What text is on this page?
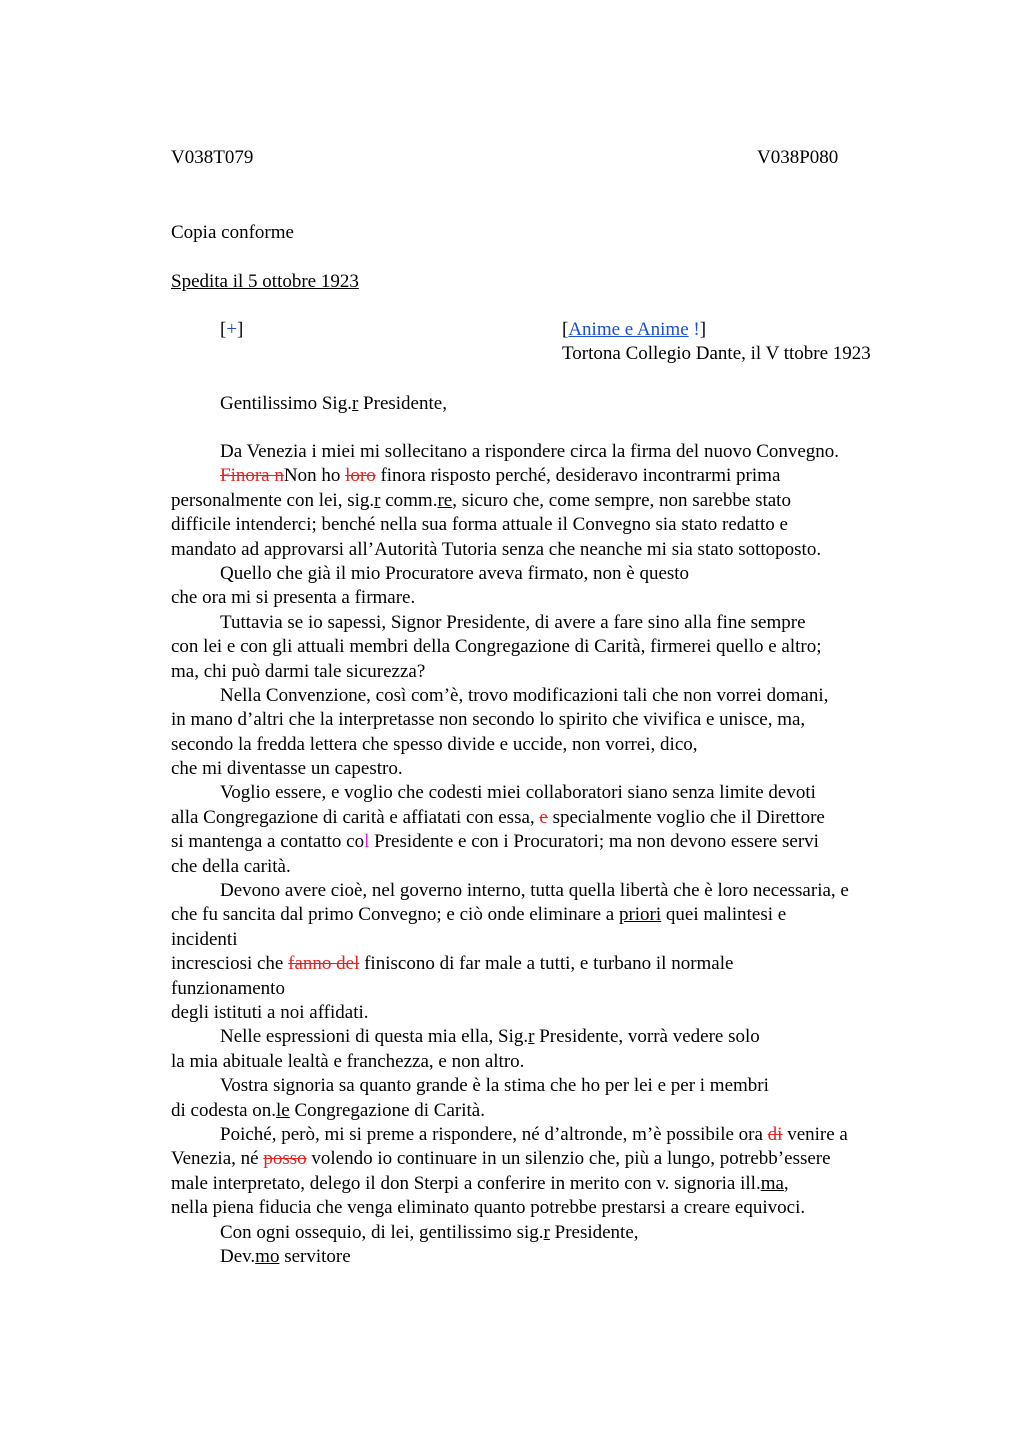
V038T079	V038P080
Copia conforme
Spedita il 5 ottobre 1923
[+]	[Anime e Anime !]
Tortona Collegio Dante, il V ttobre 1923
Gentilissimo Sig.r Presidente,
Da Venezia i miei mi sollecitano a rispondere circa la firma del nuovo Convegno.
Finora nNon ho loro finora risposto perché, desideravo incontrarmi prima
personalmente con lei, sig.r comm.re, sicuro che, come sempre, non sarebbe stato
difficile intenderci; benché nella sua forma attuale il Convegno sia stato redatto e
mandato ad approvarsi all’Autorità Tutoria senza che neanche mi sia stato sottoposto.
Quello che già il mio Procuratore aveva firmato, non è questo
che ora mi si presenta a firmare.
Tuttavia se io sapessi, Signor Presidente, di avere a fare sino alla fine sempre
con lei e con gli attuali membri della Congregazione di Carità, firmerei quello e altro;
ma, chi può darmi tale sicurezza?
Nella Convenzione, così com’è, trovo modificazioni tali che non vorrei domani,
in mano d’altri che la interpretasse non secondo lo spirito che vivifica e unisce, ma,
secondo la fredda lettera che spesso divide e uccide, non vorrei, dico,
che mi diventasse un capestro.
Voglio essere, e voglio che codesti miei collaboratori siano senza limite devoti
alla Congregazione di carità e affiatati con essa, e specialmente voglio che il Direttore
si mantenga a contatto col Presidente e con i Procuratori; ma non devono essere servi
che della carità.
Devono avere cioè, nel governo interno, tutta quella libertà che è loro necessaria, e
che fu sancita dal primo Convegno; e ciò onde eliminare a priori quei malintesi e
incidenti
incresciosi che fanno del finiscono di far male a tutti, e turbano il normale
funzionamento
degli istituti a noi affidati.
Nelle espressioni di questa mia ella, Sig.r Presidente, vorrà vedere solo
la mia abituale lealtà e franchezza, e non altro.
Vostra signoria sa quanto grande è la stima che ho per lei e per i membri
di codesta on.le Congregazione di Carità.
Poiché, però, mi si preme a rispondere, né d’altronde, m’è possibile ora di venire a
Venezia, né posso volendo io continuare in un silenzio che, più a lungo, potrebb’essere
male interpretato, delego il don Sterpi a conferire in merito con v. signoria ill.ma,
nella piena fiducia che venga eliminato quanto potrebbe prestarsi a creare equivoci.
Con ogni ossequio, di lei, gentilissimo sig.r Presidente,
Dev.mo servitore
